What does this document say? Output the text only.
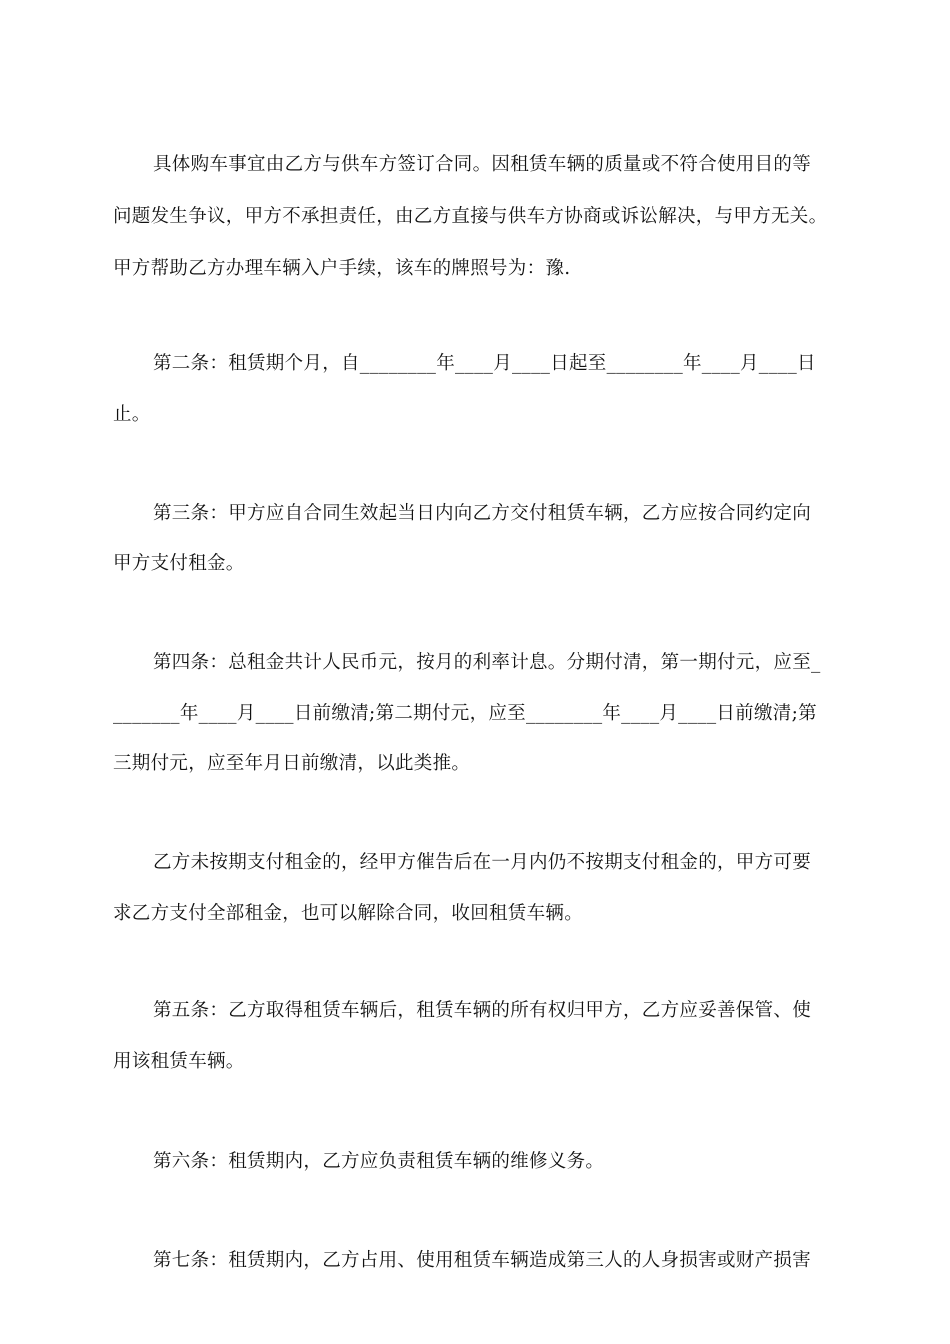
具体购车事宜由乙方与供车方签订合同。因租赁车辆的质量或不符合使用目的等
问题发生争议，甲方不承担责任，由乙方直接与供车方协商或诉讼解决，与甲方无关。
甲方帮助乙方办理车辆入户手续，该车的牌照号为：豫.
第二条：租赁期个月，自________年____月____日起至________年____月____日
止。
第三条：甲方应自合同生效起当日内向乙方交付租赁车辆，乙方应按合同约定向
甲方支付租金。
第四条：总租金共计人民币元，按月的利率计息。分期付清，第一期付元，应至_
_______年____月____日前缴清;第二期付元，应至________年____月____日前缴清;第
三期付元，应至年月日前缴清，以此类推。
乙方未按期支付租金的，经甲方催告后在一月内仍不按期支付租金的，甲方可要
求乙方支付全部租金，也可以解除合同，收回租赁车辆。
第五条：乙方取得租赁车辆后，租赁车辆的所有权归甲方，乙方应妥善保管、使
用该租赁车辆。
第六条：租赁期内，乙方应负责租赁车辆的维修义务。
第七条：租赁期内，乙方占用、使用租赁车辆造成第三人的人身损害或财产损害
